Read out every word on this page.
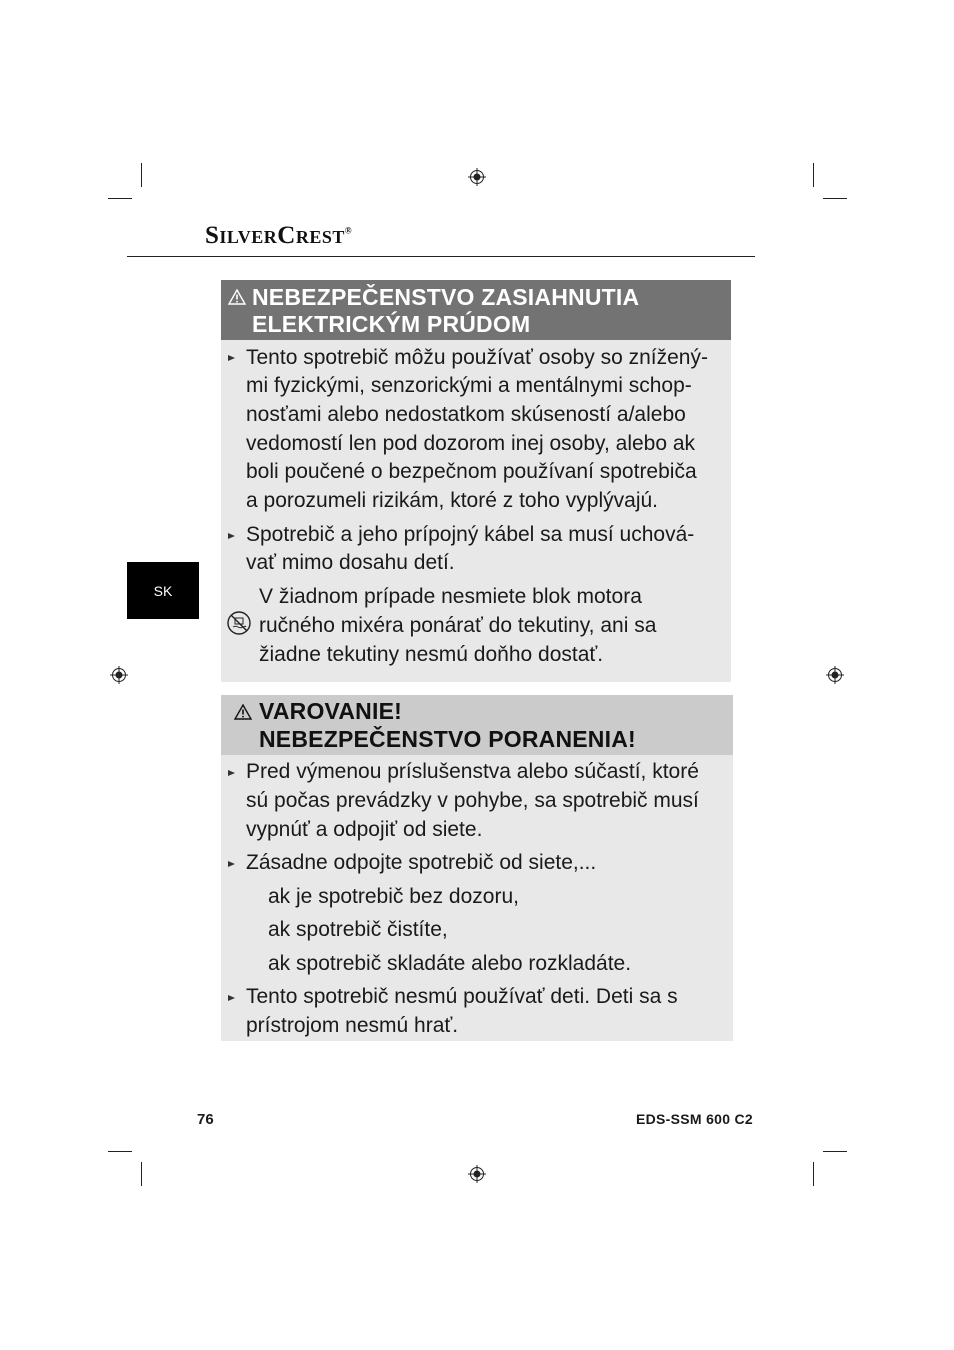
SilverCrest®
SK
NEBEZPEČENSTVO ZASIAHNUTIA
ELEKTRICKÝM PRÚDOM
Tento spotrebič môžu používať osoby so znížený-
mi fyzickými, senzorickými a mentálnymi schop-
nosťami alebo nedostatkom skúseností a/alebo
vedomostí len pod dozorom inej osoby, alebo ak
boli poučené o bezpečnom používaní spotrebiča
a porozumeli rizikám, ktoré z toho vyplývajú.
Spotrebič a jeho prípojný kábel sa musí uchová-
vať mimo dosahu detí.
V žiadnom prípade nesmiete blok motora
ručného mixéra ponárať do tekutiny, ani sa
žiadne tekutiny nesmú doňho dostať.
VAROVANIE!
NEBEZPEČENSTVO PORANENIA!
Pred výmenou príslušenstva alebo súčastí, ktoré
sú počas prevádzky v pohybe, sa spotrebič musí
vypnúť a odpojiť od siete.
Zásadne odpojte spotrebič od siete,...
ak je spotrebič bez dozoru,
ak spotrebič čistíte,
ak spotrebič skladáte alebo rozkladáte.
Tento spotrebič nesmú používať deti. Deti sa s
prístrojom nesmú hrať.
76	EDS-SSM 600 C2
